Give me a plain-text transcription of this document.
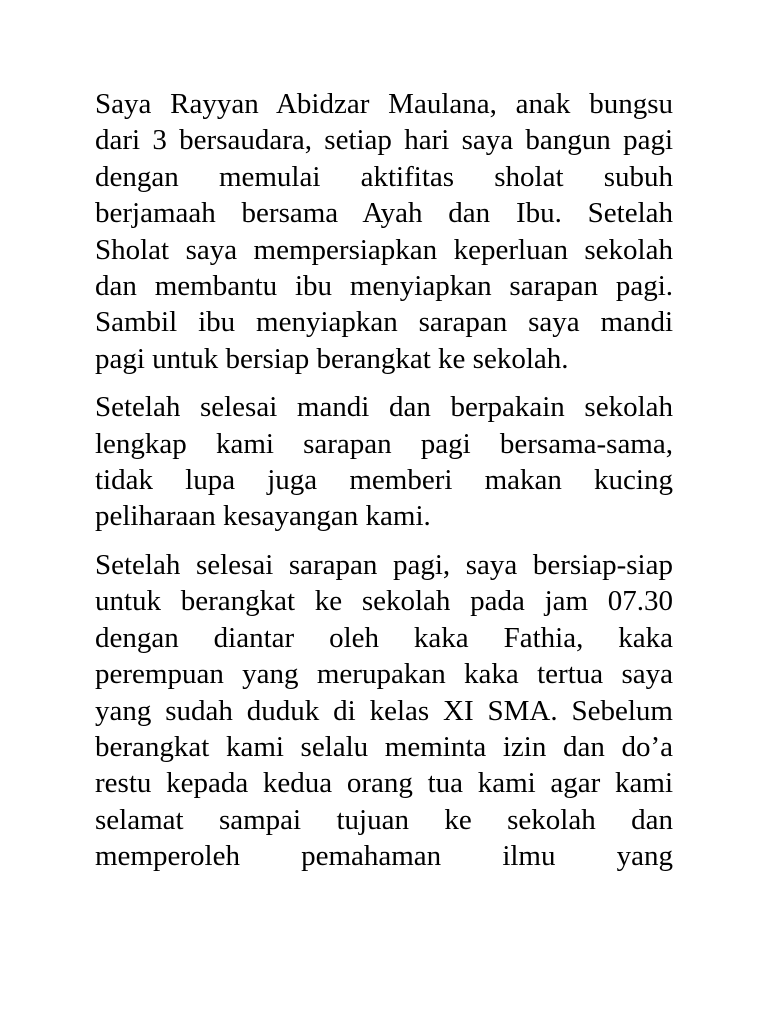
Saya Rayyan Abidzar Maulana, anak bungsu
dari 3 bersaudara, setiap hari saya bangun pagi
dengan memulai aktifitas sholat subuh
berjamaah bersama Ayah dan Ibu. Setelah
Sholat saya mempersiapkan keperluan sekolah
dan membantu ibu menyiapkan sarapan pagi.
Sambil ibu menyiapkan sarapan saya mandi
pagi untuk bersiap berangkat ke sekolah.
Setelah selesai mandi dan berpakain sekolah
lengkap kami sarapan pagi bersama-sama,
tidak lupa juga memberi makan kucing
peliharaan kesayangan kami.
Setelah selesai sarapan pagi, saya bersiap-siap
untuk berangkat ke sekolah pada jam 07.30
dengan diantar oleh kaka Fathia, kaka
perempuan yang merupakan kaka tertua saya
yang sudah duduk di kelas XI SMA. Sebelum
berangkat kami selalu meminta izin dan do’a
restu kepada kedua orang tua kami agar kami
selamat sampai tujuan ke sekolah dan
memperoleh pemahaman ilmu yang
